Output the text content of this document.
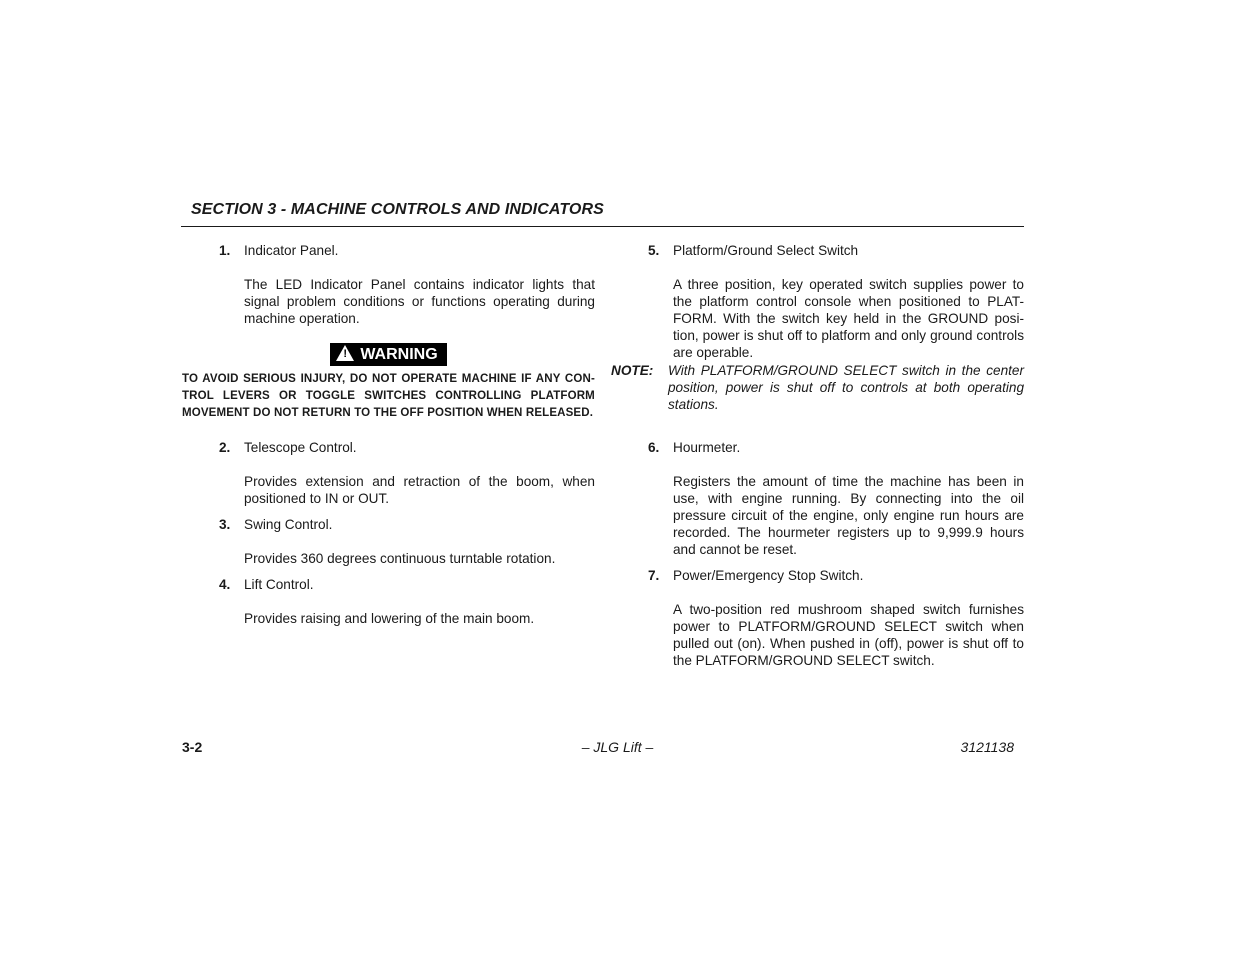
SECTION 3 - MACHINE CONTROLS AND INDICATORS
1. Indicator Panel.
The LED Indicator Panel contains indicator lights that signal problem conditions or functions operating during machine operation.
! WARNING
TO AVOID SERIOUS INJURY, DO NOT OPERATE MACHINE IF ANY CON-TROL LEVERS OR TOGGLE SWITCHES CONTROLLING PLATFORM MOVEMENT DO NOT RETURN TO THE OFF POSITION WHEN RELEASED.
2. Telescope Control.
Provides extension and retraction of the boom, when positioned to IN or OUT.
3. Swing Control.
Provides 360 degrees continuous turntable rotation.
4. Lift Control.
Provides raising and lowering of the main boom.
5. Platform/Ground Select Switch
A three position, key operated switch supplies power to the platform control console when positioned to PLAT-FORM. With the switch key held in the GROUND posi-tion, power is shut off to platform and only ground controls are operable.
NOTE: With PLATFORM/GROUND SELECT switch in the center position, power is shut off to controls at both operating stations.
6. Hourmeter.
Registers the amount of time the machine has been in use, with engine running. By connecting into the oil pressure circuit of the engine, only engine run hours are recorded. The hourmeter registers up to 9,999.9 hours and cannot be reset.
7. Power/Emergency Stop Switch.
A two-position red mushroom shaped switch furnishes power to PLATFORM/GROUND SELECT switch when pulled out (on). When pushed in (off), power is shut off to the PLATFORM/GROUND SELECT switch.
3-2	– JLG Lift –	3121138
